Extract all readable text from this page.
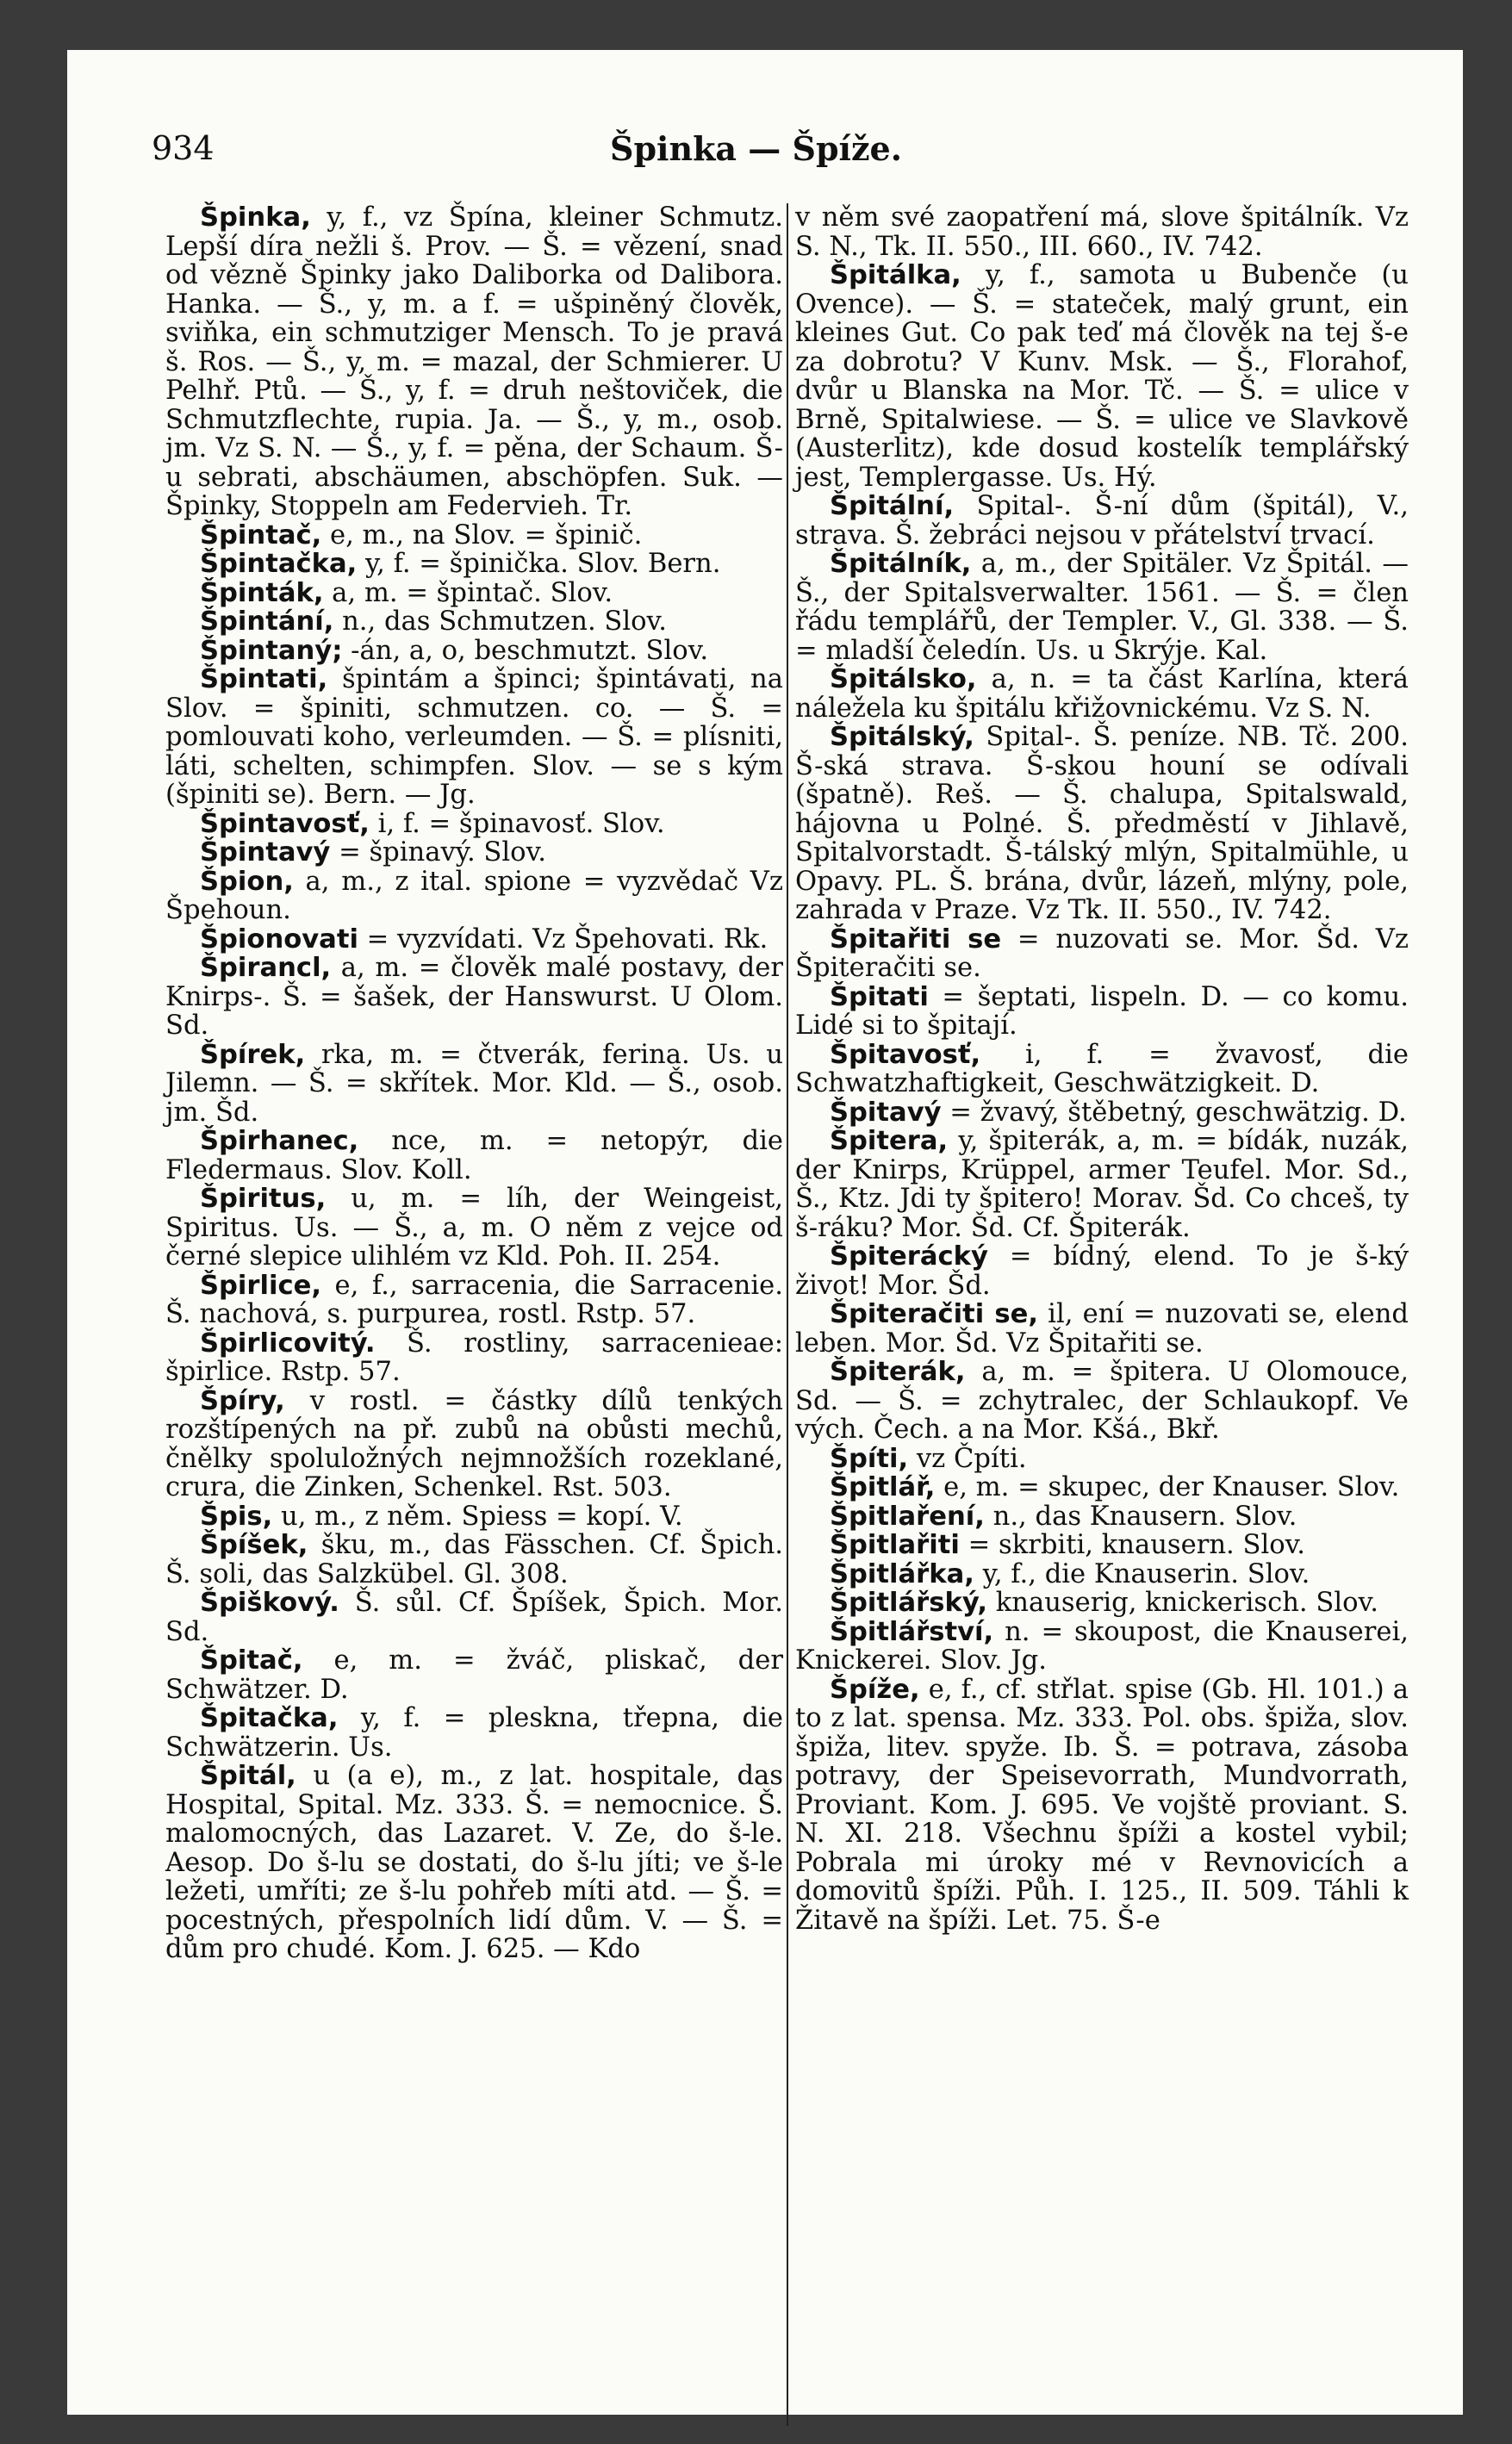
934	Špinka — Špíže.
Špinka, y, f., vz Špína, kleiner Schmutz. Lepší díra nežli š. Prov. — Š. = vězení, snad od vězně Špinky jako Daliborka od Dalibora. Hanka. — Š., y, m. a f. = ušpiněný člověk, sviňka, ein schmutziger Mensch. To je pravá š. Ros. — Š., y, m. = mazal, der Schmierer. U Pelhř. Ptů. — Š., y, f. = druh neštoviček, die Schmutzflechte, rupia. Ja. — Š., y, m., osob. jm. Vz S. N. — Š., y, f. = pěna, der Schaum. Š-u sebrati, abschäumen, abschöpfen. Suk. — Špinky, Stoppeln am Federvieh. Tr.
Špintač, e, m., na Slov. = špinič.
Špintačka, y, f. = špinička. Slov. Bern.
Špinták, a, m. = špintač. Slov.
Špintání, n., das Schmutzen. Slov.
Špintaný; -án, a, o, beschmutzt. Slov.
Špintati, špintám a špinci; špintávati, na Slov. = špiniti, schmutzen. co. — Š. = pomlouvati koho, verleumden. — Š. = plísniti, láti, schelten, schimpfen. Slov. — se s kým (špiniti se). Bern. — Jg.
Špintavosť, i, f. = špinavosť. Slov.
Špintavý = špinavý. Slov.
Špion, a, m., z ital. spione = vyzvědač Vz Špehoun.
Špionovati = vyzvídati. Vz Špehovati. Rk.
Špirancl, a, m. = člověk malé postavy, der Knirps-. Š. = šašek, der Hanswurst. U Olom. Sd.
Špírek, rka, m. = čtverák, ferina. Us. u Jilemn. — Š. = skřítek. Mor. Kld. — Š., osob. jm. Šd.
Špirhanec, nce, m. = netopýr, die Fledermaus. Slov. Koll.
Špiritus, u, m. = líh, der Weingeist, Spiritus. Us. — Š., a, m. O něm z vejce od černé slepice ulihlém vz Kld. Poh. II. 254.
Špirlice, e, f., sarracenia, die Sarracenie. Š. nachová, s. purpurea, rostl. Rstp. 57.
Špirlicovitý. Š. rostliny, sarracenieae: špirlice. Rstp. 57.
Špíry, v rostl. = částky dílů tenkých rozštípených na př. zubů na obůsti mechů, čnělky spoluložných nejmnožších rozeklané, crura, die Zinken, Schenkel. Rst. 503.
Špis, u, m., z něm. Spiess = kopí. V.
Špíšek, šku, m., das Fässchen. Cf. Špich. Š. soli, das Salzkübel. Gl. 308.
Špiškový. Š. sůl. Cf. Špíšek, Špich. Mor. Sd.
Špitač, e, m. = žváč, pliskač, der Schwätzer. D.
Špitačka, y, f. = pleskna, třepna, die Schwätzerin. Us.
Špitál, u (a e), m., z lat. hospitale, das Hospital, Spital. Mz. 333. Š. = nemocnice. Š. malomocných, das Lazaret. V. Ze, do š-le. Aesop. Do š-lu se dostati, do š-lu jíti; ve š-le ležeti, umříti; ze š-lu pohřeb míti atd. — Š. = pocestných, přespolních lidí dům. V. — Š. = dům pro chudé. Kom. J. 625. — Kdo
v něm své zaopatření má, slove špitálník. Vz S. N., Tk. II. 550., III. 660., IV. 742.
Špitálka, y, f., samota u Bubenče (u Ovence). — Š. = stateček, malý grunt, ein kleines Gut. Co pak teď má člověk na tej š-e za dobrotu? V Kunv. Msk. — Š., Florahof, dvůr u Blanska na Mor. Tč. — Š. = ulice v Brně, Spitalwiese. — Š. = ulice ve Slavkově (Austerlitz), kde dosud kostelík templářský jest, Templergasse. Us. Hý.
Špitální, Spital-. Š-ní dům (špitál), V., strava. Š. žebráci nejsou v přátelství trvací.
Špitálník, a, m., der Spitäler. Vz Špitál. — Š., der Spitalsverwalter. 1561. — Š. = člen řádu templářů, der Templer. V., Gl. 338. — Š. = mladší čeledín. Us. u Skrýje. Kal.
Špitálsko, a, n. = ta část Karlína, která náležela ku špitálu křižovnickému. Vz S. N.
Špitálský, Spital-. Š. peníze. NB. Tč. 200. Š-ská strava. Š-skou houní se odívali (špatně). Reš. — Š. chalupa, Spitalswald, hájovna u Polné. Š. předměstí v Jihlavě, Spitalvorstadt. Š-tálský mlýn, Spitalmühle, u Opavy. PL. Š. brána, dvůr, lázeň, mlýny, pole, zahrada v Praze. Vz Tk. II. 550., IV. 742.
Špitařiti se = nuzovati se. Mor. Šd. Vz Špiteračiti se.
Špitati = šeptati, lispeln. D. — co komu. Lidé si to špitají.
Špitavosť, i, f. = žvavosť, die Schwatzhaftigkeit, Geschwätzigkeit. D.
Špitavý = žvavý, štěbetný, geschwätzig. D.
Špitera, y, špiterák, a, m. = bídák, nuzák, der Knirps, Krüppel, armer Teufel. Mor. Sd., Š., Ktz. Jdi ty špitero! Morav. Šd. Co chceš, ty š-ráku? Mor. Šd. Cf. Špiterák.
Špiterácký = bídný, elend. To je š-ký život! Mor. Šd.
Špiteračiti se, il, ení = nuzovati se, elend leben. Mor. Šd. Vz Špitařiti se.
Špiterák, a, m. = špitera. U Olomouce, Sd. — Š. = zchytralec, der Schlaukopf. Ve vých. Čech. a na Mor. Kšá., Bkř.
Špíti, vz Čpíti.
Špitlář, e, m. = skupec, der Knauser. Slov.
Špitlaření, n., das Knausern. Slov.
Špitlařiti = skrbiti, knausern. Slov.
Špitlářka, y, f., die Knauserin. Slov.
Špitlářský, knauserig, knickerisch. Slov.
Špitlářství, n. = skoupost, die Knauserei, Knickerei. Slov. Jg.
Špíže, e, f., cf. střlat. spise (Gb. Hl. 101.) a to z lat. spensa. Mz. 333. Pol. obs. špiža, slov. špiža, litev. spyže. Ib. Š. = potrava, zásoba potravy, der Speisevorrath, Mundvorrath, Proviant. Kom. J. 695. Ve vojště proviant. S. N. XI. 218. Všechnu špíži a kostel vybil; Pobrala mi úroky mé v Revnovicích a domovitů špíži. Půh. I. 125., II. 509. Táhli k Žitavě na špíži. Let. 75. Š-e
